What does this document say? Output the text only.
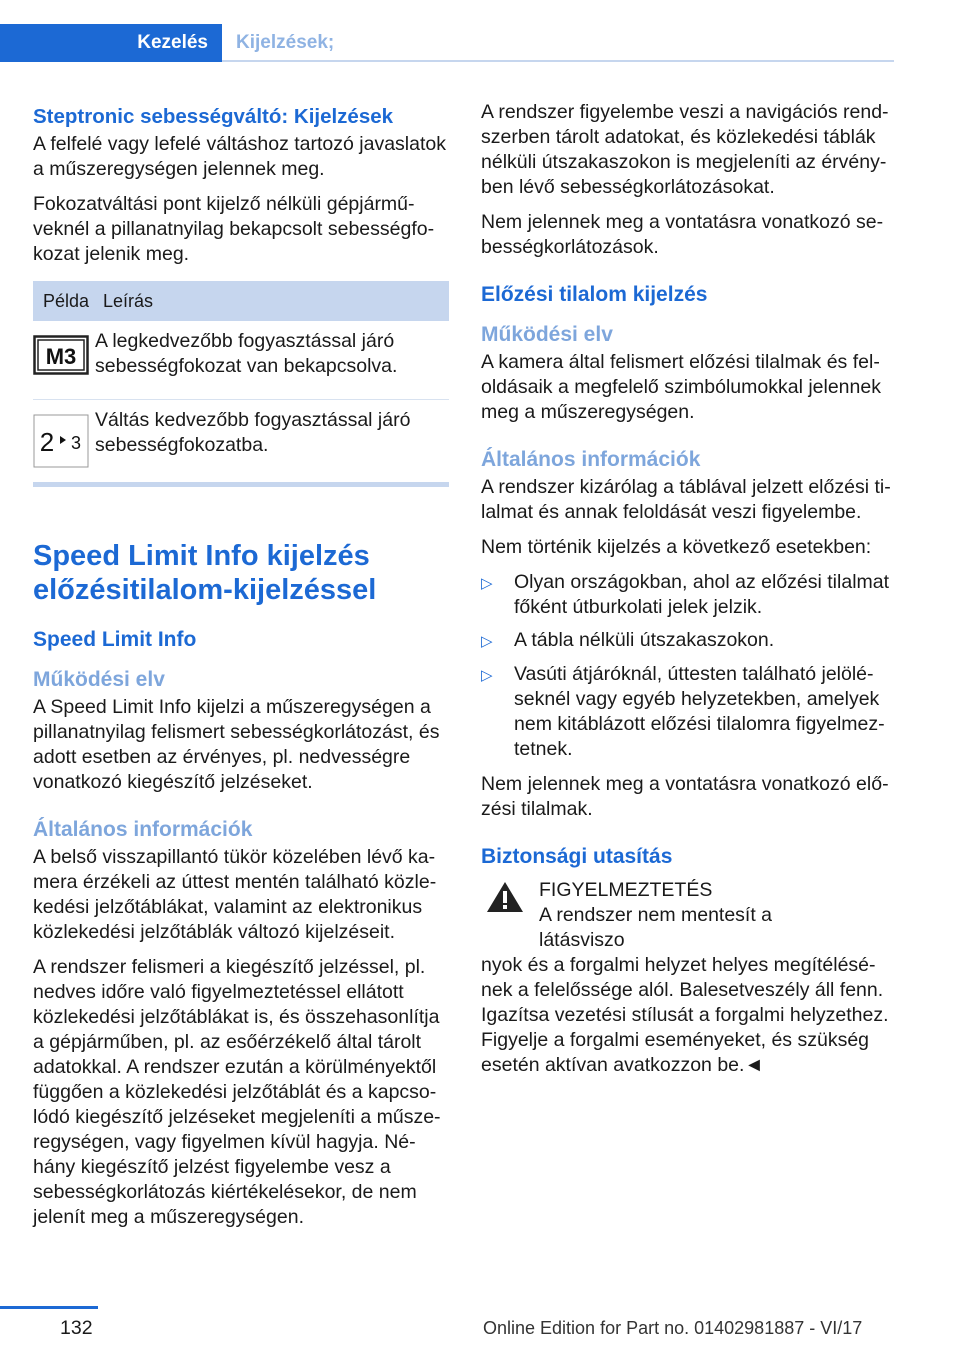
Kezelés	Kijelzések;
Steptronic sebességváltó: Kijelzések

A felfelé vagy lefelé váltáshoz tartozó javaslatok a műszeregységen jelennek meg.

Fokozatváltási pont kijelző nélküli gépjárműveknél a pillanatnyilag bekapcsolt sebességfokozat jelenik meg.

Példa Leírás
M3
A legkedvezőbb fogyasztással járó sebességfokozat van bekapcsolva.
2 3
Váltás kedvezőbb fogyasztással járó sebességfokozatba.
Speed Limit Info kijelzés előzésitilalom-kijelzéssel
Speed Limit Info
Működési elv

A Speed Limit Info kijelzi a műszeregységen a pillanatnyilag felismert sebességkorlátozást, és adott esetben az érvényes, pl. nedvességre vonatkozó kiegészítő jelzéseket.

Általános információk

A belső visszapillantó tükör közelében lévő kamera érzékeli az úttest mentén található közlekedési jelzőtáblákat, valamint az elektronikus közlekedési jelzőtáblák változó kijelzéseit.

A rendszer felismeri a kiegészítő jelzéssel, pl. nedves időre való figyelmeztetéssel ellátott közlekedési jelzőtáblákat is, és összehasonlítja a gépjárműben, pl. az esőérzékelő által tárolt adatokkal. A rendszer ezután a körülményektől függően a közlekedési jelzőtáblát és a kapcsolódó kiegészítő jelzéseket megjeleníti a műszeregységen, vagy figyelmen kívül hagyja. Néhány kiegészítő jelzést figyelembe vesz a sebességkorlátozás kiértékelésekor, de nem jelenít meg a műszeregységen.

A rendszer figyelembe veszi a navigációs rendszerben tárolt adatokat, és közlekedési táblák nélküli útszakaszokon is megjeleníti az érvényben lévő sebességkorlátozásokat.

Nem jelennek meg a vontatásra vonatkozó sebességkorlátozások.

Előzési tilalom kijelzés
Működési elv

A kamera által felismert előzési tilalmak és feloldásaik a megfelelő szimbólumokkal jelennek meg a műszeregységen.

Általános információk

A rendszer kizárólag a táblával jelzett előzési tilalmat és annak feloldását veszi figyelembe.

Nem történik kijelzés a következő esetekben:

▷	Olyan országokban, ahol az előzési tilalmat főként útburkolati jelek jelzik.
▷	A tábla nélküli útszakaszokon.
▷	Vasúti átjáróknál, úttesten található jelöléseknél vagy egyéb helyzetekben, amelyek nem kitáblázott előzési tilalomra figyelmeztetnek.

Nem jelennek meg a vontatásra vonatkozó előzési tilalmak.

Biztonsági utasítás
FIGYELMEZTETÉS
A rendszer nem mentesít a látásviszo

nyok és a forgalmi helyzet helyes megítélésének a felelőssége alól. Balesetveszély áll fenn. Igazítsa vezetési stílusát a forgalmi helyzethez. Figyelje a forgalmi eseményeket, és szükség esetén aktívan avatkozzon be.◄

132	Online Edition for Part no. 01402981887 - VI/17
